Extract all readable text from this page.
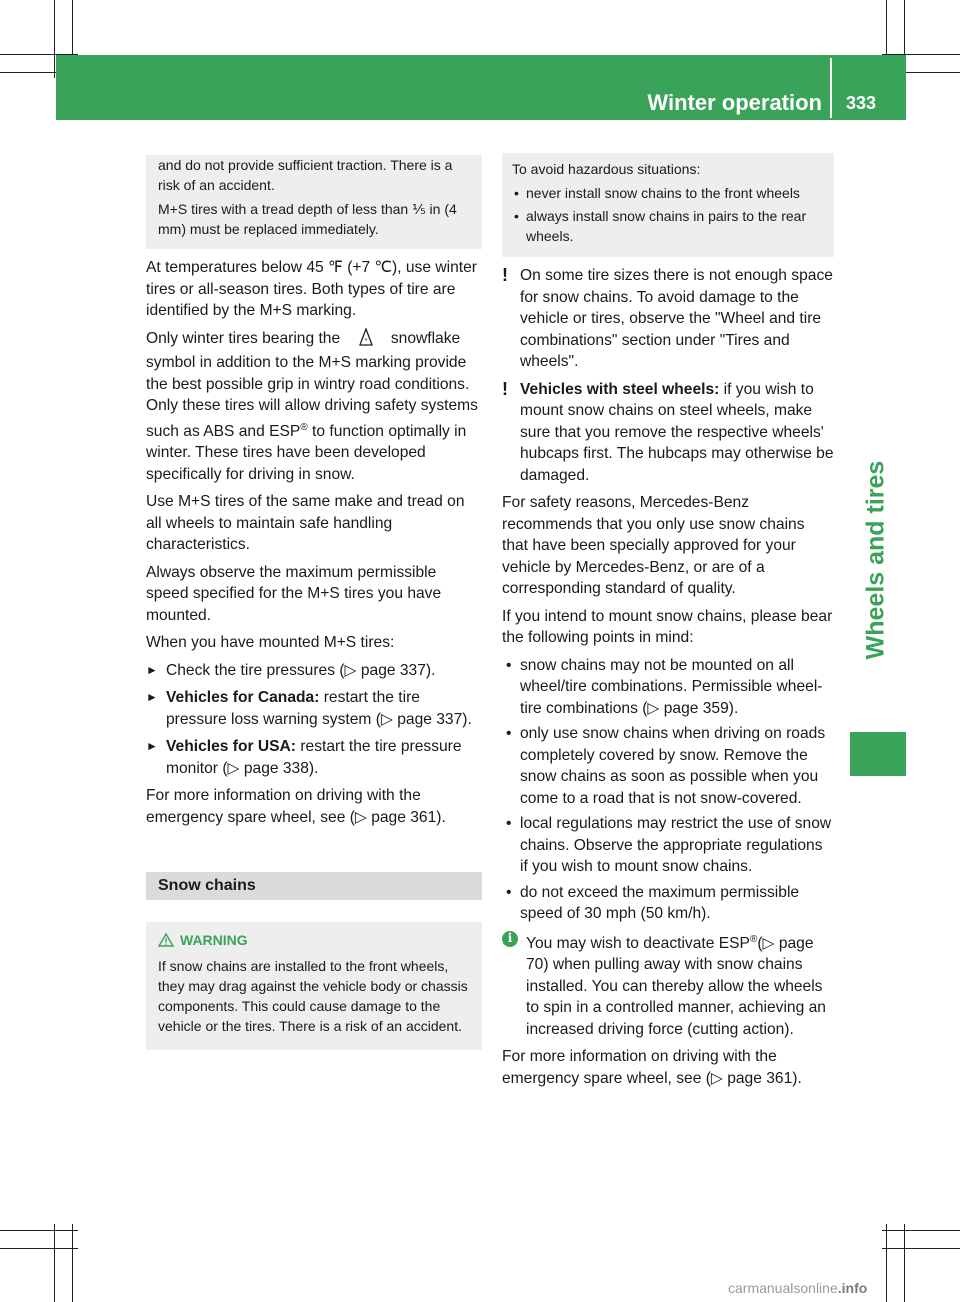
Winter operation 333
Wheels and tires

and do not provide sufficient traction. There is a risk of an accident.

M+S tires with a tread depth of less than ⅕ in (4 mm) must be replaced immediately.

At temperatures below 45 ℉ (+7 ℃), use winter tires or all-season tires. Both types of tire are identified by the M+S marking.

Only winter tires bearing the	* snowflake symbol in addition to the M+S marking provide the best possible grip in wintry road conditions. Only these tires will allow driving safety systems such as ABS and ESP® to function optimally in winter. These tires have been developed specifically for driving in snow.

Use M+S tires of the same make and tread on all wheels to maintain safe handling characteristics.

Always observe the maximum permissible speed specified for the M+S tires you have mounted.

When you have mounted M+S tires:

► Check the tire pressures (▷ page 337).
► Vehicles for Canada: restart the tire pressure loss warning system (▷ page 337).
► Vehicles for USA: restart the tire pressure monitor (▷ page 338).

For more information on driving with the emergency spare wheel, see (▷ page 361).

Snow chains
WARNING

If snow chains are installed to the front wheels, they may drag against the vehicle body or chassis components. This could cause damage to the vehicle or the tires. There is a risk of an accident.

To avoid hazardous situations:

• never install snow chains to the front wheels
• always install snow chains in pairs to the rear wheels.
! On some tire sizes there is not enough space for snow chains. To avoid damage to the vehicle or tires, observe the "Wheel and tire combinations" section under "Tires and wheels".
! Vehicles with steel wheels: if you wish to mount snow chains on steel wheels, make sure that you remove the respective wheels' hubcaps first. The hubcaps may otherwise be damaged.

For safety reasons, Mercedes-Benz recommends that you only use snow chains that have been specially approved for your vehicle by Mercedes-Benz, or are of a corresponding standard of quality.

If you intend to mount snow chains, please bear the following points in mind:

• snow chains may not be mounted on all wheel/tire combinations. Permissible wheel-tire combinations (▷ page 359).
• only use snow chains when driving on roads completely covered by snow. Remove the snow chains as soon as possible when you come to a road that is not snow-covered.
• local regulations may restrict the use of snow chains. Observe the appropriate regulations if you wish to mount snow chains.
• do not exceed the maximum permissible speed of 30 mph (50 km/h).
i You may wish to deactivate ESP®(▷ page 70) when pulling away with snow chains installed. You can thereby allow the wheels to spin in a controlled manner, achieving an increased driving force (cutting action).

For more information on driving with the emergency spare wheel, see (▷ page 361).

carmanualsonline.info
